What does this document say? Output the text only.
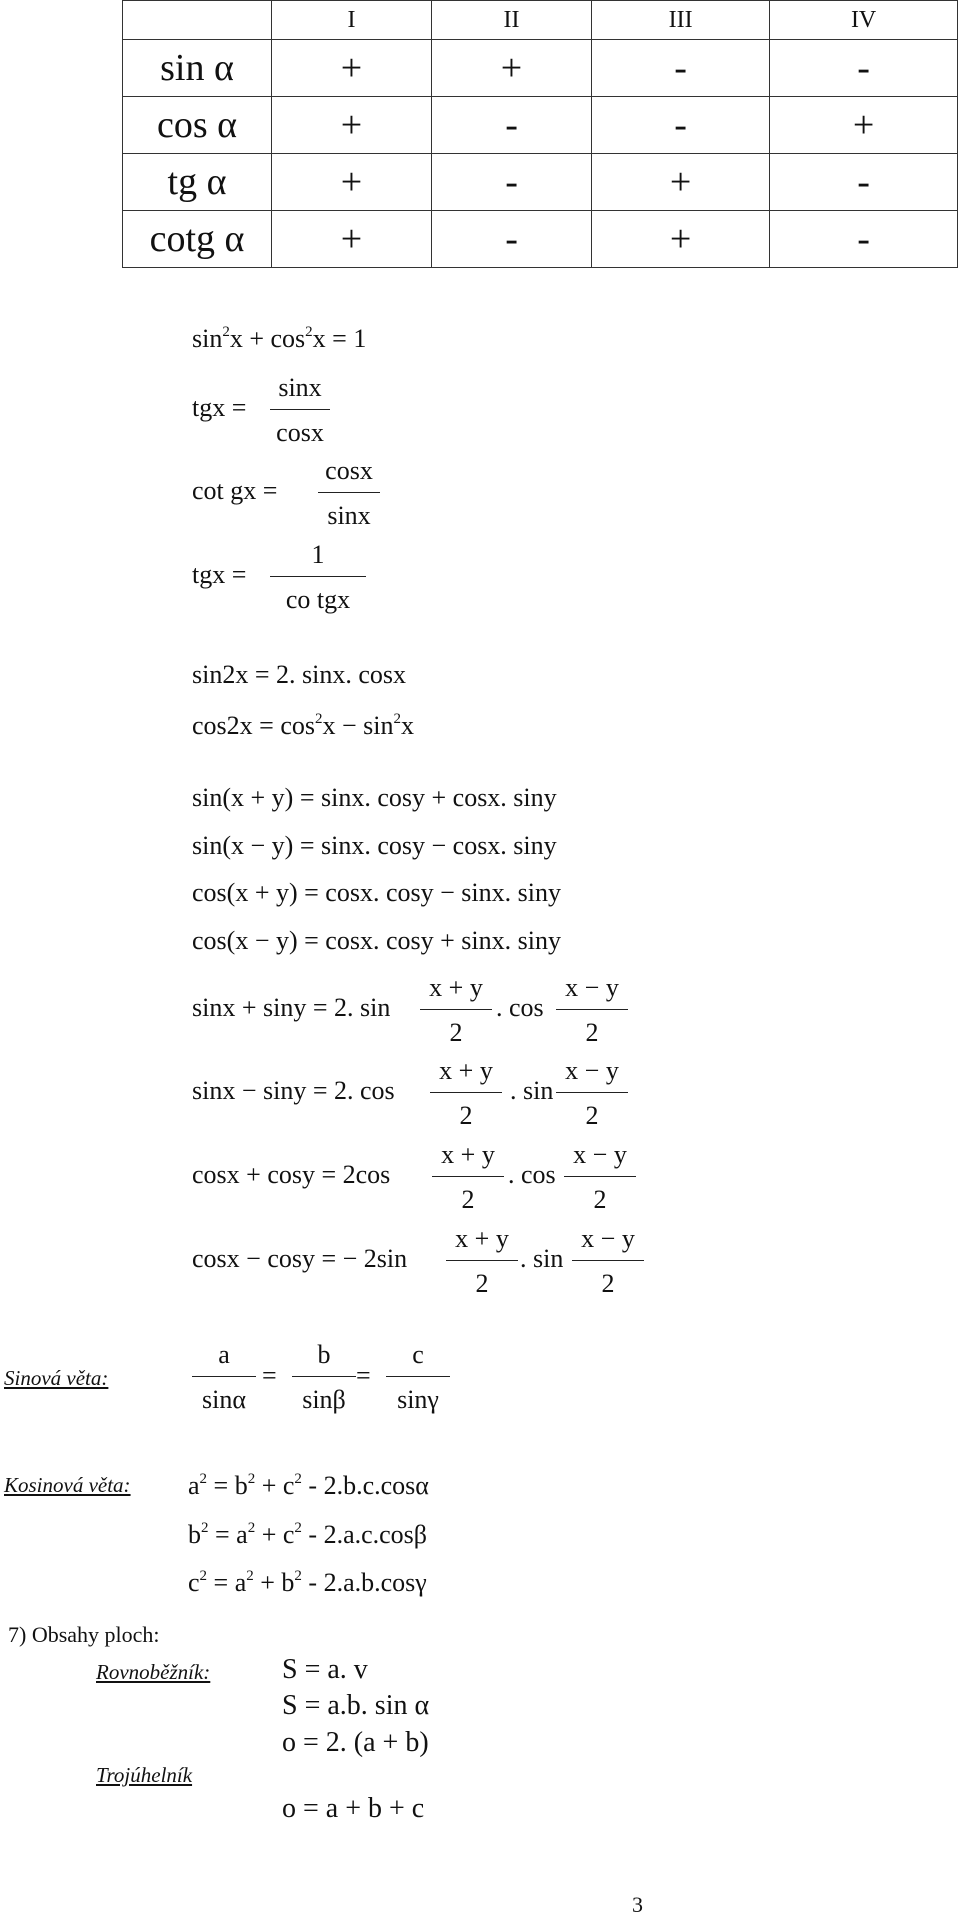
	I	II	III	IV
sin α	+	+	-	-
cos α	+	-	-	+
tg α	+	-	+	-
cotg α	+	-	+	-
$\sin^2x + \cos^2x = 1$
tgx = $\frac{\sin x}{\cos x}$
cot gx = $\frac{\cos x}{\sin x}$
tgx =
1
co tgx
sin2x = 2. sinx. cosx
$\cos 2x = \cos^2x - \sin^2x$
sin(x + y) = sinx. cosy + cosx. siny
sin(x − y) = sinx. cosy − cosx. siny
cos(x + y) = cosx. cosy − sinx. siny
cos(x − y) = cosx. cosy + sinx. siny
sinx + siny = 2. $\sin \frac{x + y}{2}$ . $\cos \frac{x - y}{2}$
sinx − siny = 2. $\cos \frac{x + y}{2}$ . $\sin \frac{x - y}{2}$
$\cos x + \cos y = 2\cos \frac{x + y}{2}$ . $\cos \frac{x - y}{2}$
cosx − cosy = − $2\sin \frac{x + y}{2}$ . $\sin \frac{x - y}{2}$
Sinová věta:	$\frac{a}{\sin\alpha} = \frac{b}{\sin\beta} = \frac{c}{\sin\gamma}$
Kosinová věta: $a^2 = b^2 + c^2 - 2.b.c.\cos\alpha$
$b^2 = a^2 + c^2 - 2.a.c.\cos\beta$
$c^2 = a^2 + b^2 - 2.a.b.\cos\gamma$
7) Obsahy ploch:
Rovnoběžník:	S = a. v
S = a.b. sin α
o = 2. (a + b)
Trojúhelník
o = a + b + c
3
